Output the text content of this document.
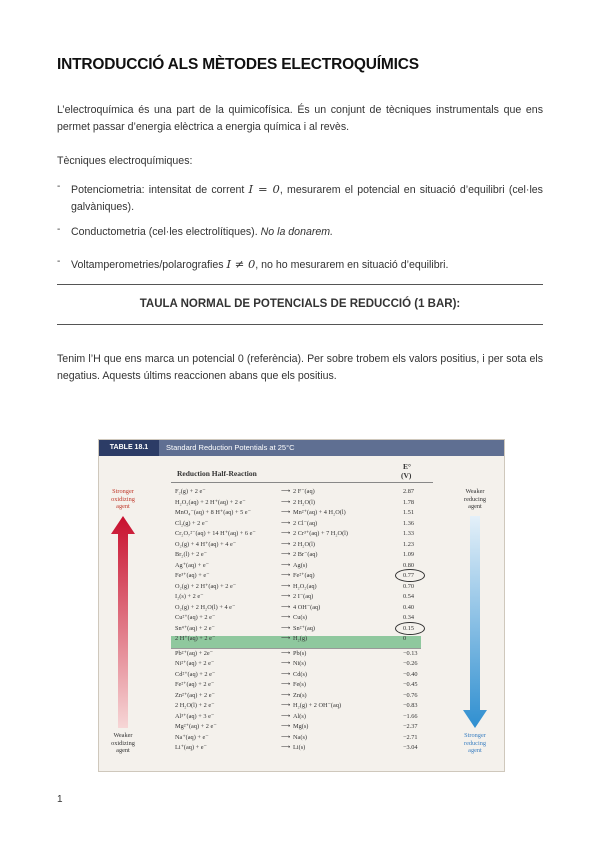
INTRODUCCIÓ ALS MÈTODES ELECTROQUÍMICS

L’electroquímica és una part de la quimicofísica. És un conjunt de tècniques instrumentals que ens permet passar d’energia elèctrica a energia química i al revès.

Tècniques electroquímiques:

- Potenciometria: intensitat de corrent I = 0, mesurarem el potencial en situació d’equilibri (cel·les galvàniques).
- Conductometria (cel·les electrolítiques). No la donarem.
- Voltamperometries/polarografies I ≠ 0, no ho mesurarem en situació d’equilibri.
TAULA NORMAL DE POTENCIALS DE REDUCCIÓ (1 BAR):

Tenim l’H que ens marca un potencial 0 (referència). Per sobre trobem els valors positius, i per sota els negatius. Aquests últims reaccionen abans que els positius.

TABLE 18.1	Standard Reduction Potentials at 25°C
Reduction Half-Reaction
E°
(V)
F₂(g) + 2 e⁻	⟶ 2 F⁻(aq)	2.87
H₂O₂(aq) + 2 H⁺(aq) + 2 e⁻	⟶ 2 H₂O(l)	1.78
MnO₄⁻(aq) + 8 H⁺(aq) + 5 e⁻	⟶ Mn²⁺(aq) + 4 H₂O(l)	1.51
Cl₂(g) + 2 e⁻	⟶ 2 Cl⁻(aq)	1.36
Cr₂O₇²⁻(aq) + 14 H⁺(aq) + 6 e⁻	⟶ 2 Cr³⁺(aq) + 7 H₂O(l)	1.33
O₂(g) + 4 H⁺(aq) + 4 e⁻	⟶ 2 H₂O(l)	1.23
Br₂(l) + 2 e⁻	⟶ 2 Br⁻(aq)	1.09
Ag⁺(aq) + e⁻	⟶ Ag(s)	0.80
Fe³⁺(aq) + e⁻	⟶ Fe²⁺(aq)	0.77
O₂(g) + 2 H⁺(aq) + 2 e⁻	⟶ H₂O₂(aq)	0.70
I₂(s) + 2 e⁻	⟶ 2 I⁻(aq)	0.54
O₂(g) + 2 H₂O(l) + 4 e⁻	⟶ 4 OH⁻(aq)	0.40
Cu²⁺(aq) + 2 e⁻	⟶ Cu(s)	0.34
Sn⁴⁺(aq) + 2 e⁻	⟶ Sn²⁺(aq)	0.15
2 H⁺(aq) + 2 e⁻	⟶ H₂(g)	0
Pb²⁺(aq) + 2e⁻	⟶ Pb(s)	−0.13
Ni²⁺(aq) + 2 e⁻	⟶ Ni(s)	−0.26
Cd²⁺(aq) + 2 e⁻	⟶ Cd(s)	−0.40
Fe²⁺(aq) + 2 e⁻	⟶ Fe(s)	−0.45
Zn²⁺(aq) + 2 e⁻	⟶ Zn(s)	−0.76
2 H₂O(l) + 2 e⁻	⟶ H₂(g) + 2 OH⁻(aq)	−0.83
Al³⁺(aq) + 3 e⁻	⟶ Al(s)	−1.66
Mg²⁺(aq) + 2 e⁻	⟶ Mg(s)	−2.37
Na⁺(aq) + e⁻	⟶ Na(s)	−2.71
Li⁺(aq) + e⁻	⟶ Li(s)	−3.04
Stronger
oxidizing
agent
Weaker
oxidizing
agent
Weaker
reducing
agent
Stronger
reducing
agent
1
